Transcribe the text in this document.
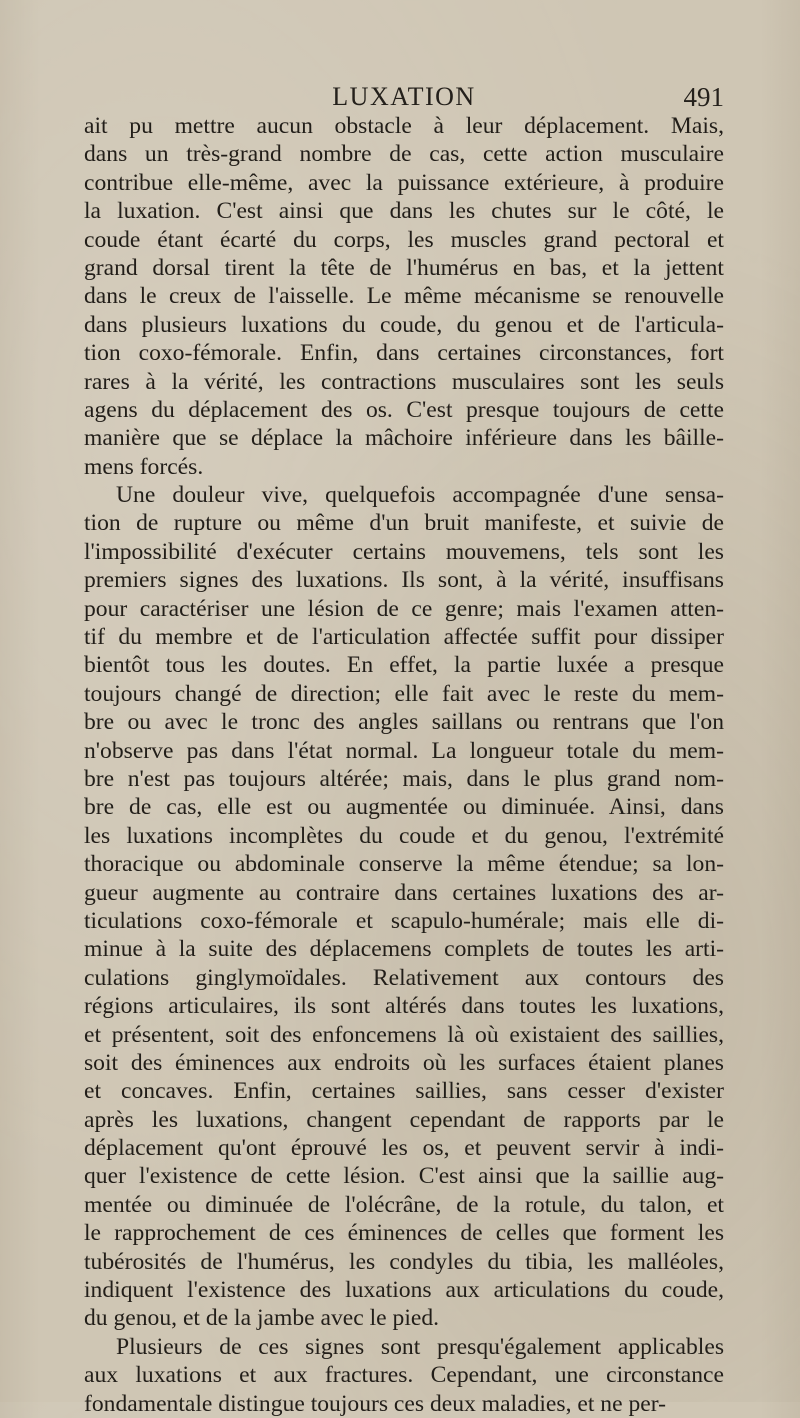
LUXATION	491
ait pu mettre aucun obstacle à leur déplacement. Mais,
dans un très-grand nombre de cas, cette action musculaire
contribue elle-même, avec la puissance extérieure, à produire
la luxation. C'est ainsi que dans les chutes sur le côté, le
coude étant écarté du corps, les muscles grand pectoral et
grand dorsal tirent la tête de l'humérus en bas, et la jettent
dans le creux de l'aisselle. Le même mécanisme se renouvelle
dans plusieurs luxations du coude, du genou et de l'articula-
tion coxo-fémorale. Enfin, dans certaines circonstances, fort
rares à la vérité, les contractions musculaires sont les seuls
agens du déplacement des os. C'est presque toujours de cette
manière que se déplace la mâchoire inférieure dans les bâille-
mens forcés.
Une douleur vive, quelquefois accompagnée d'une sensa-
tion de rupture ou même d'un bruit manifeste, et suivie de
l'impossibilité d'exécuter certains mouvemens, tels sont les
premiers signes des luxations. Ils sont, à la vérité, insuffisans
pour caractériser une lésion de ce genre; mais l'examen atten-
tif du membre et de l'articulation affectée suffit pour dissiper
bientôt tous les doutes. En effet, la partie luxée a presque
toujours changé de direction; elle fait avec le reste du mem-
bre ou avec le tronc des angles saillans ou rentrans que l'on
n'observe pas dans l'état normal. La longueur totale du mem-
bre n'est pas toujours altérée; mais, dans le plus grand nom-
bre de cas, elle est ou augmentée ou diminuée. Ainsi, dans
les luxations incomplètes du coude et du genou, l'extrémité
thoracique ou abdominale conserve la même étendue; sa lon-
gueur augmente au contraire dans certaines luxations des ar-
ticulations coxo-fémorale et scapulo-humérale; mais elle di-
minue à la suite des déplacemens complets de toutes les arti-
culations ginglymoïdales. Relativement aux contours des
régions articulaires, ils sont altérés dans toutes les luxations,
et présentent, soit des enfoncemens là où existaient des saillies,
soit des éminences aux endroits où les surfaces étaient planes
et concaves. Enfin, certaines saillies, sans cesser d'exister
après les luxations, changent cependant de rapports par le
déplacement qu'ont éprouvé les os, et peuvent servir à indi-
quer l'existence de cette lésion. C'est ainsi que la saillie aug-
mentée ou diminuée de l'olécrâne, de la rotule, du talon, et
le rapprochement de ces éminences de celles que forment les
tubérosités de l'humérus, les condyles du tibia, les malléoles,
indiquent l'existence des luxations aux articulations du coude,
du genou, et de la jambe avec le pied.
Plusieurs de ces signes sont presqu'également applicables
aux luxations et aux fractures. Cependant, une circonstance
fondamentale distingue toujours ces deux maladies, et ne per-
